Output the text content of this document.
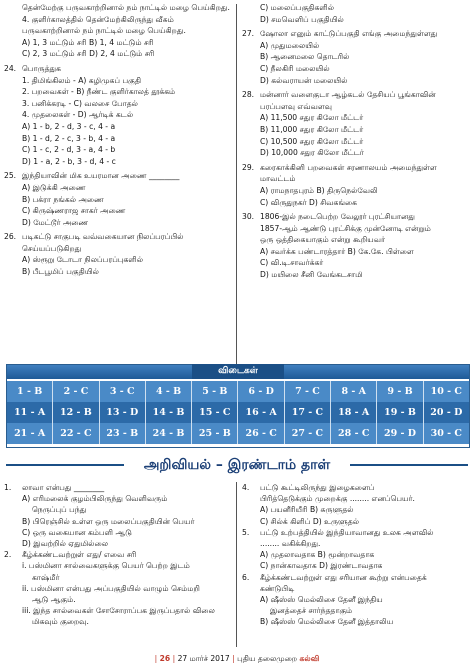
தென்மேற்கு பருவகாற்றினால் நம் நாட்டில் மழை பெய்கிறது.
4. குளிர்காலத்தில் தென்மேற்கிலிருந்து வீசும்
பருவகாற்றினால் நம் நாட்டில் மழை பெய்கிறது.
A) 1, 3 மட்டும் சரி B) 1, 4 மட்டும் சரி
C) 2, 3 மட்டும் சரி D) 2, 4 மட்டும் சரி
24. பொருத்துக
1. திமிங்கிலம் - A) கழிமுகப் பகுதி
2. பறவைகள் - B) நீண்ட குளிர்காலத் தூக்கம்
3. பனிக்கரடி - C) வலசை போதல்
4. முதலைகள் - D) ஆர்டிக் கடல்
A) 1 - b, 2 - d, 3 - c, 4 - a
B) 1 - d, 2 - c, 3 - b, 4 - a
C) 1 - c, 2 - d, 3 - a, 4 - b
D) 1 - a, 2 - b, 3 - d, 4 - c
25. இந்தியாவின் மிக உயரமான அணை ________
A) இடுக்கி அணை
B) பக்ரா நங்கல் அணை
C) கிருஷ்ணராஜ சாகர் அணை
D) மேட்டூர் அணை
26. படிகட்டு சாகுபடி வவ்வகையான நிலப்பரப்பில்
செய்யப்படுகிறது
A) ஸ்ரூறு டோடா நிலப்பரப்புகளில்
B) பீடபூமிப் பகுதியில்
C) மலைப்பகுதிகளில்
D) சமவெளிப் பகுதியில்
27. ஷோலா எனும் காட்டுப்பகுதி எங்கு அமைந்துள்ளது
A) முதுமலையில்
B) ஆனைமலை தொடரில்
C) நீலகிரி மலையில்
D) கல்வராயன் மலையில்
28. மன்னார் வளைகுடா ஆழ்கடல் தேசியப் பூங்காவின்
பரப்பளவு எவ்வளவு
A) 11,500 சதுர கிலோ மீட்டர்
B) 11,000 சதுர கிலோ மீட்டர்
C) 10,500 சதுர கிலோ மீட்டர்
D) 10,000 சதுர கிலோ மீட்டர்
29. கரைகாக்கினி பறவைகள் சரணாலயம் அமைந்துள்ள
மாவட்டம்
A) ராமநாதபுரம் B) திருநெல்வேலி
C) விருதுநகர் D) சிவகங்கை
30. 1806-இல் நடைபெற்ற வேலூர் புரட்சியானது
1857-ஆம் ஆண்டு புரட்சிக்கு முன்னோடி என்றும்
ஒரு ஒத்திகையாகும் என்று கூறியவர்
A) சவர்க்க பண்டாரத்தார் B) கே.கே. பிள்ளை
C) வி.டி.சாவர்க்கர்
D) மயிலை சீனி வேங்கடசாமி
விடைகள்
1 - B	2 - C	3 - C	4 - B	5 - B	6 - D	7 - C	8 - A	9 - B	10 - C
11 - A	12 - B	13 - D	14 - B	15 - C	16 - A	17 - C	18 - A	19 - B	20 - D
21 - A	22 - C	23 - B	24 - B	25 - B	26 - C	27 - C	28 - C	29 - D	30 - C
அறிவியல் – இரண்டாம் தாள்
1.	லாவா என்பது ________
A) எரிமலைக் குழம்பிலிருந்து வெளிவரும்
நெருப்புப் பந்து
B) பிரெஞ்சில் உள்ள ஒரு மலைப்பகுதியின் பெயர்
C) ஒரு வகையான கம்பளி ஆடு
D) இவற்றில் ஏதுமில்லை
2.	கீழ்க்கண்டவற்றுள் எது/ எவை சரி
i. பஸ்மினா சால்வைகளுக்கு பெயர் பெற்ற இடம்
காஷ்மீர்
ii. பஸ்மினா என்பது அப்பகுதியில் வாழும் செம்மறி
ஆடு ஆகும்.
iii. இந்த சால்வைகள் சோசோராப்பக இருப்பதால் விலை
மிகவும் குறைவு.
4.	பட்டு கூட்டிலிருந்து இழைகளைப்
பிரித்தெடுக்கும் முறைக்கு ........ எனப்பெயர்.
A) பயனீரியீரி B) சுருளுதல்
C) சில்க் கிளிப் D) உருளுதல்
5.	பட்டு உற்பத்தியில் இந்தியாவானது உலக அளவில்
........ வகிக்கிறது.
A) முதலாவதாக B) மூன்றாவதாக
C) நான்காவதாக D) இரண்டாவதாக
6.	கீழ்க்கண்டவற்றுள் எது சரியான கூற்று என்பதைக்
கண்டுபிடி
A) ஷீஸ்ஸ் மெல்லிசை தேனீ இந்திய
இனத்தைச் சார்ந்ததாகும்
B) ஷீஸ்ஸ் மெல்லிசை தேனீ இத்தாலிய
| 26 | 27 மார்ச் 2017 | புதிய தலைமுறை கல்வி
